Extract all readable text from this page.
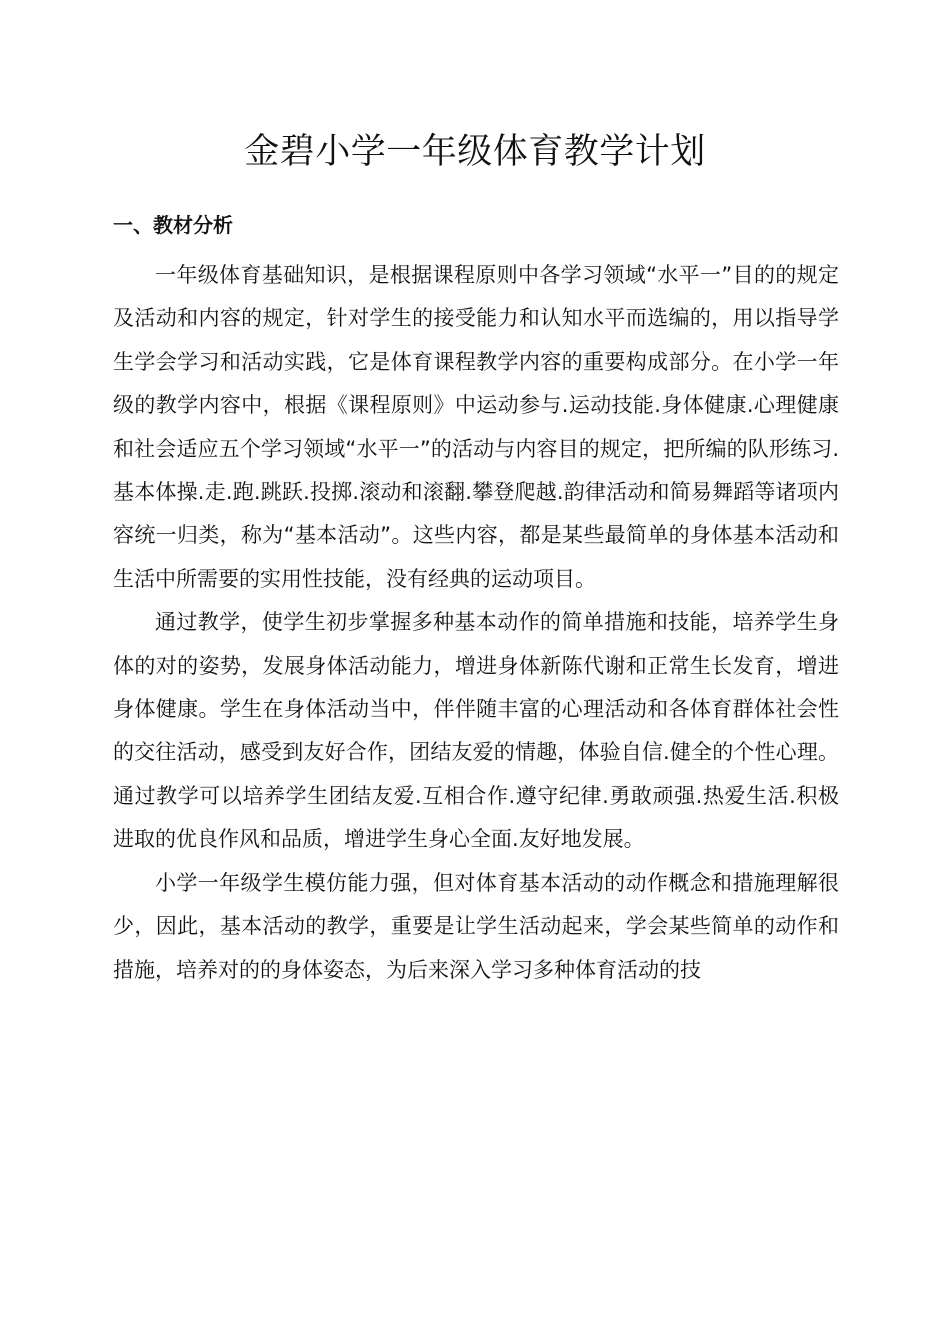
金碧小学一年级体育教学计划
一、教材分析

一年级体育基础知识，是根据课程原则中各学习领域“水平一”目的的规定及活动和内容的规定，针对学生的接受能力和认知水平而选编的，用以指导学生学会学习和活动实践，它是体育课程教学内容的重要构成部分。在小学一年级的教学内容中，根据《课程原则》中运动参与.运动技能.身体健康.心理健康和社会适应五个学习领域“水平一”的活动与内容目的规定，把所编的队形练习.基本体操.走.跑.跳跃.投掷.滚动和滚翻.攀登爬越.韵律活动和简易舞蹈等诸项内容统一归类，称为“基本活动”。这些内容，都是某些最简单的身体基本活动和生活中所需要的实用性技能，没有经典的运动项目。

通过教学，使学生初步掌握多种基本动作的简单措施和技能，培养学生身体的对的姿势，发展身体活动能力，增进身体新陈代谢和正常生长发育，增进身体健康。学生在身体活动当中，伴伴随丰富的心理活动和各体育群体社会性的交往活动，感受到友好合作，团结友爱的情趣，体验自信.健全的个性心理。通过教学可以培养学生团结友爱.互相合作.遵守纪律.勇敢顽强.热爱生活.积极进取的优良作风和品质，增进学生身心全面.友好地发展。

小学一年级学生模仿能力强，但对体育基本活动的动作概念和措施理解很少，因此，基本活动的教学，重要是让学生活动起来，学会某些简单的动作和措施，培养对的的身体姿态，为后来深入学习多种体育活动的技
